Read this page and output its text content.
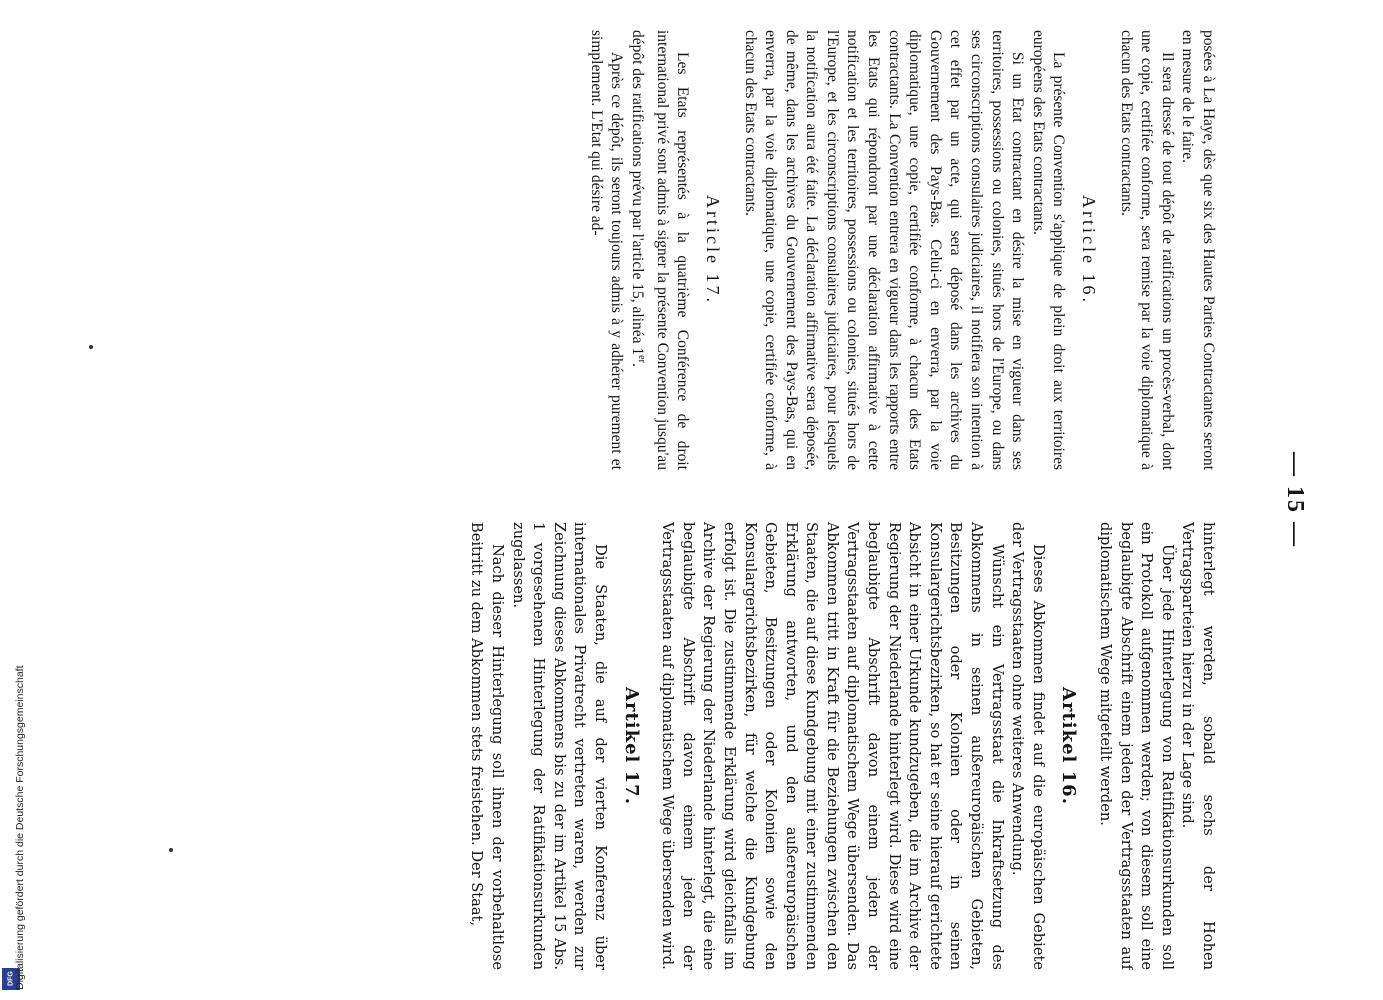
— 15 —

posées à La Haye, dès que six des Hautes Parties Contractantes seront en mesure de le faire.

Il sera dressé de tout dépôt de ratifications un procès-verbal, dont une copie, certifiée conforme, sera remise par la voie diplomatique à chacun des Etats contractants.

Article 16.

La présente Convention s'applique de plein droit aux territoires européens des Etats contractants.

Si un Etat contractant en désire la mise en vigueur dans ses territoires, possessions ou colonies, situés hors de l'Europe, ou dans ses circonscriptions consulaires judiciaires, il notifiera son intention à cet effet par un acte, qui sera déposé dans les archives du Gouvernement des Pays-Bas. Celui-ci en enverra, par la voie diplomatique, une copie, certifiée conforme, à chacun des Etats contractants. La Convention entrera en vigueur dans les rapports entre les Etats qui répondront par une déclaration affirmative à cette notification et les territoires, possessions ou colonies, situés hors de l'Europe, et les circonscriptions consulaires judiciaires, pour lesquels la notification aura été faite. La déclaration affirmative sera déposée, de même, dans les archives du Gouvernement des Pays-Bas, qui en enverra, par la voie diplomatique, une copie, certifiée conforme, à chacun des Etats contractants.

Article 17.

Les Etats représentés à la quatrième Conférence de droit international privé sont admis à signer la présente Convention jusqu'au dépôt des ratifications prévu par l'article 15, alinéa 1er.

Après ce dépôt, ils seront toujours admis à y adhérer purement et simplement. L'Etat qui désire ad-

hinterlegt werden, sobald sechs der Hohen Vertragsparteien hierzu in der Lage sind.

Über jede Hinterlegung von Ratifikationsurkunden soll ein Protokoll aufgenommen werden; von diesem soll eine beglaubigte Abschrift einem jeden der Vertragsstaaten auf diplomatischem Wege mitgeteilt werden.

Artikel 16.

Dieses Abkommen findet auf die europäischen Gebiete der Vertragsstaaten ohne weiteres Anwendung.

Wünscht ein Vertragsstaat die Inkraftsetzung des Abkommens in seinen außereuropäischen Gebieten, Besitzungen oder Kolonien oder in seinen Konsulargerichtsbezirken, so hat er seine hierauf gerichtete Absicht in einer Urkunde kundzugeben, die im Archive der Regierung der Niederlande hinterlegt wird. Diese wird eine beglaubigte Abschrift davon einem jeden der Vertragsstaaten auf diplomatischem Wege übersenden. Das Abkommen tritt in Kraft für die Beziehungen zwischen den Staaten, die auf diese Kundgebung mit einer zustimmenden Erklärung antworten, und den außereuropäischen Gebieten, Besitzungen oder Kolonien sowie den Konsulargerichtsbezirken, für welche die Kundgebung erfolgt ist. Die zustimmende Erklärung wird gleichfalls im Archive der Regierung der Niederlande hinterlegt, die eine beglaubigte Abschrift davon einem jeden der Vertragsstaaten auf diplomatischem Wege übersenden wird.

Artikel 17.

Die Staaten, die auf der vierten Konferenz über internationales Privatrecht vertreten waren, werden zur Zeichnung dieses Abkommens bis zu der im Artikel 15 Abs. 1 vorgesehenen Hinterlegung der Ratifikationsurkunden zugelassen.

Nach dieser Hinterlegung soll ihnen der vorbehaltlose Beitritt zu dem Abkommen stets freistehen. Der Staat,

DFG Digitalisierung gefördert durch die Deutsche Forschungsgemeinschaft
